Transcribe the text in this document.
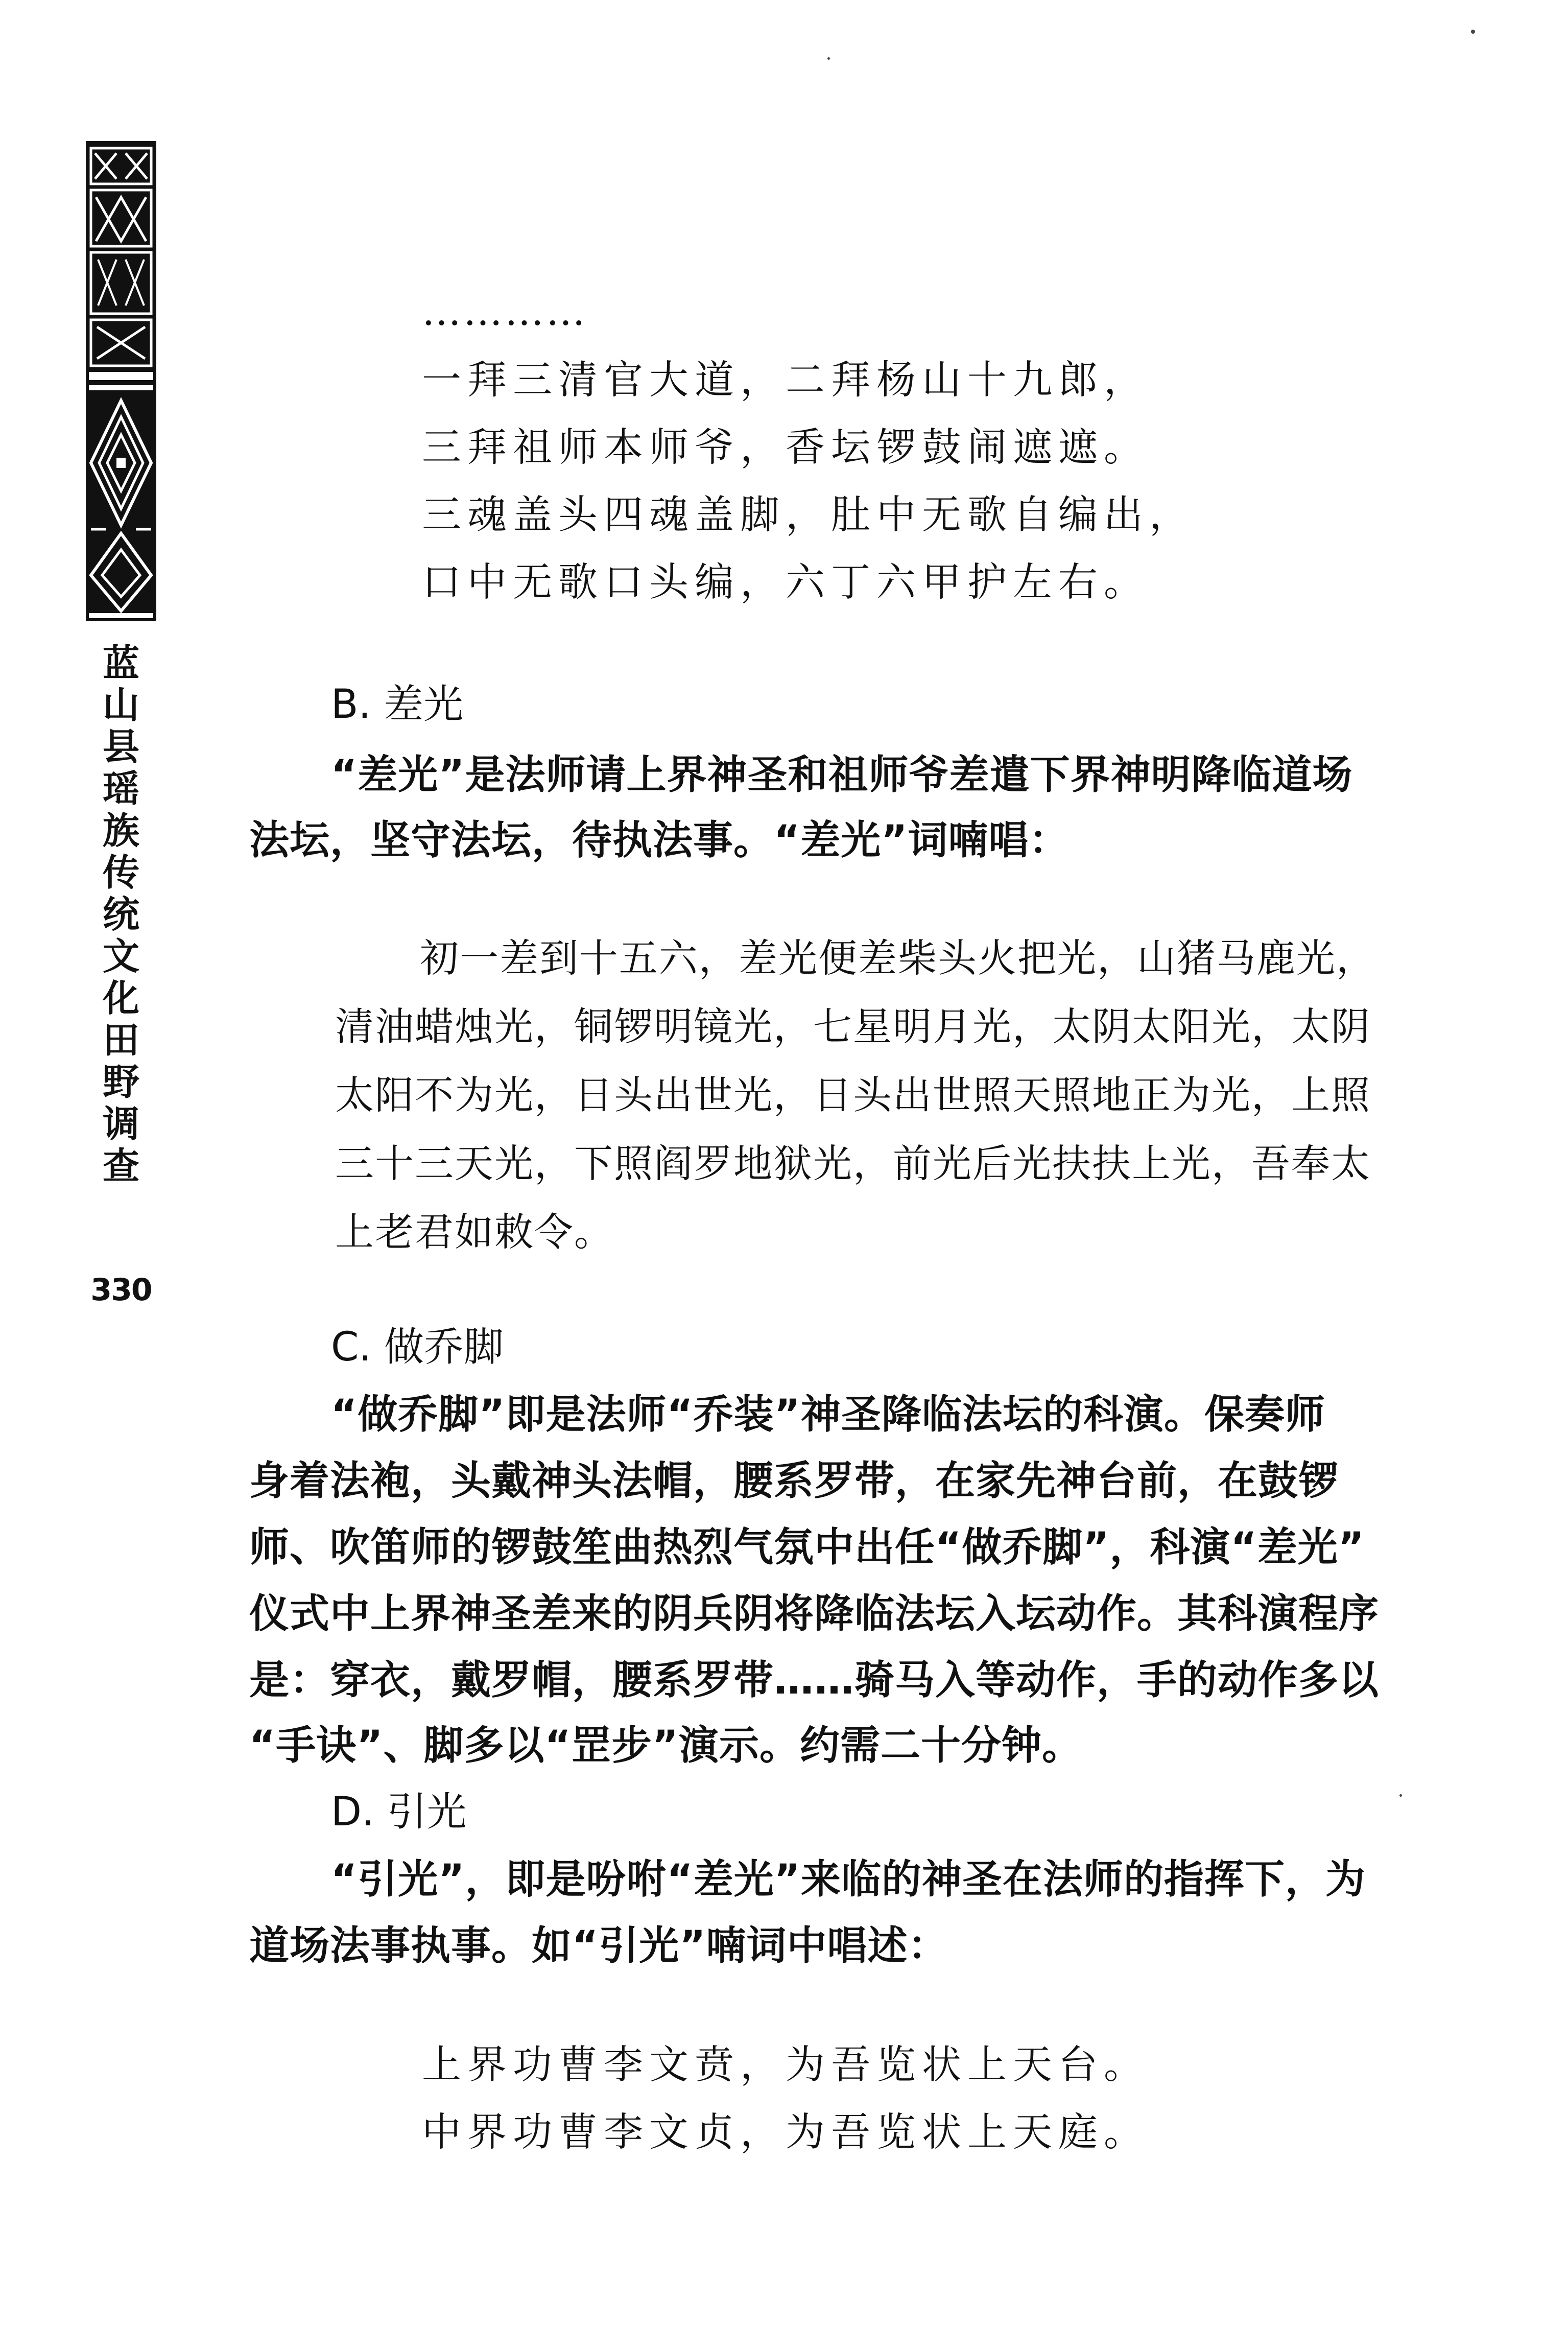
蓝
山
县
瑶
族
传
统
文
化
田
野
调
查
330
…………
一拜三清官大道，二拜杨山十九郎，
三拜祖师本师爷，香坛锣鼓闹遮遮。
三魂盖头四魂盖脚，肚中无歌自编出，
口中无歌口头编，六丁六甲护左右。
B. 差光
“差光”是法师请上界神圣和祖师爷差遣下界神明降临道场
法坛，坚守法坛，待执法事。“差光”词喃唱：
初一差到十五六，差光便差柴头火把光，山猪马鹿光，
清油蜡烛光，铜锣明镜光，七星明月光，太阴太阳光，太阴
太阳不为光，日头出世光，日头出世照天照地正为光，上照
三十三天光，下照阎罗地狱光，前光后光扶扶上光，吾奉太
上老君如敕令。
C. 做乔脚
“做乔脚”即是法师“乔装”神圣降临法坛的科演。保奏师
身着法袍，头戴神头法帽，腰系罗带，在家先神台前，在鼓锣
师、吹笛师的锣鼓笙曲热烈气氛中出任“做乔脚”，科演“差光”
仪式中上界神圣差来的阴兵阴将降临法坛入坛动作。其科演程序
是：穿衣，戴罗帽，腰系罗带……骑马入等动作，手的动作多以
“手诀”、脚多以“罡步”演示。约需二十分钟。
D. 引光
“引光”，即是吩咐“差光”来临的神圣在法师的指挥下，为
道场法事执事。如“引光”喃词中唱述：
上界功曹李文贲，为吾览状上天台。
中界功曹李文贞，为吾览状上天庭。
